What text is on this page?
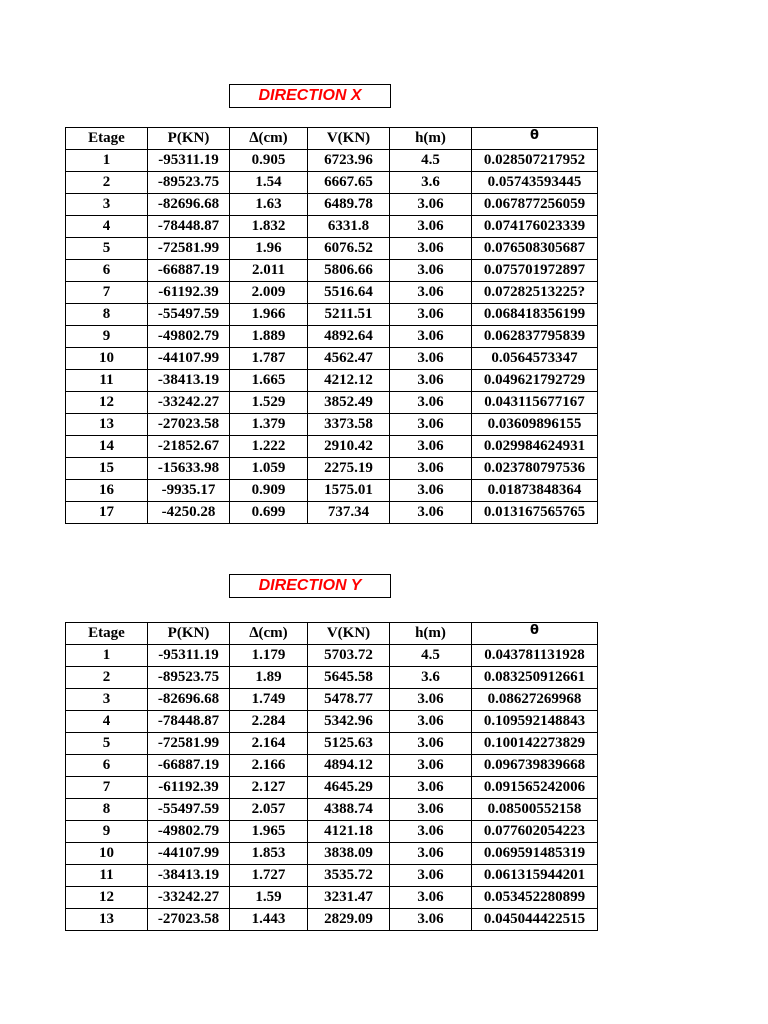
DIRECTION X
Etage	P(KN)	∆(cm)	V(KN)	h(m)	θ
1	-95311.19	0.905	6723.96	4.5	0.028507217952
2	-89523.75	1.54	6667.65	3.6	0.05743593445
3	-82696.68	1.63	6489.78	3.06	0.067877256059
4	-78448.87	1.832	6331.8	3.06	0.074176023339
5	-72581.99	1.96	6076.52	3.06	0.076508305687
6	-66887.19	2.011	5806.66	3.06	0.075701972897
7	-61192.39	2.009	5516.64	3.06	0.07282513225?
8	-55497.59	1.966	5211.51	3.06	0.068418356199
9	-49802.79	1.889	4892.64	3.06	0.062837795839
10	-44107.99	1.787	4562.47	3.06	0.0564573347
11	-38413.19	1.665	4212.12	3.06	0.049621792729
12	-33242.27	1.529	3852.49	3.06	0.043115677167
13	-27023.58	1.379	3373.58	3.06	0.03609896155
14	-21852.67	1.222	2910.42	3.06	0.029984624931
15	-15633.98	1.059	2275.19	3.06	0.023780797536
16	-9935.17	0.909	1575.01	3.06	0.01873848364
17	-4250.28	0.699	737.34	3.06	0.013167565765
DIRECTION Y
Etage	P(KN)	∆(cm)	V(KN)	h(m)	θ
1	-95311.19	1.179	5703.72	4.5	0.043781131928
2	-89523.75	1.89	5645.58	3.6	0.083250912661
3	-82696.68	1.749	5478.77	3.06	0.08627269968
4	-78448.87	2.284	5342.96	3.06	0.109592148843
5	-72581.99	2.164	5125.63	3.06	0.100142273829
6	-66887.19	2.166	4894.12	3.06	0.096739839668
7	-61192.39	2.127	4645.29	3.06	0.091565242006
8	-55497.59	2.057	4388.74	3.06	0.08500552158
9	-49802.79	1.965	4121.18	3.06	0.077602054223
10	-44107.99	1.853	3838.09	3.06	0.069591485319
11	-38413.19	1.727	3535.72	3.06	0.061315944201
12	-33242.27	1.59	3231.47	3.06	0.053452280899
13	-27023.58	1.443	2829.09	3.06	0.045044422515
